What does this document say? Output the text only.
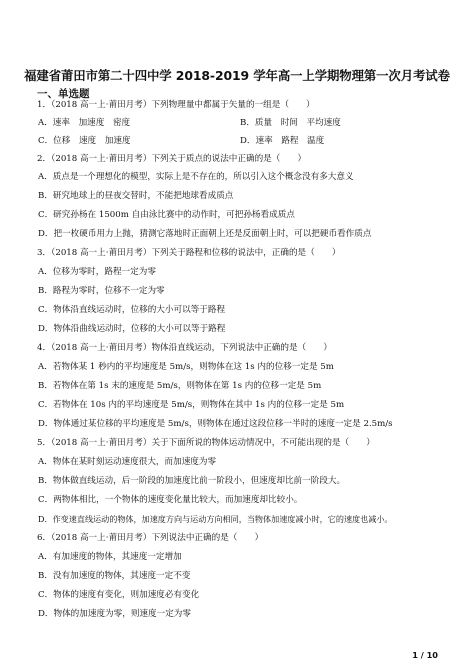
福建省莆田市第二十四中学 2018-2019 学年高一上学期物理第一次月考试卷
一、单选题
1．（2018 高一上·莆田月考）下列物理量中都属于矢量的一组是（　　）
A．速率　加速度　密度	B．质量　时间　平均速度
C．位移　速度　加速度	D．速率　路程　温度
2．（2018 高一上·莆田月考）下列关于质点的说法中正确的是（　　）
A．质点是一个理想化的模型，实际上是不存在的，所以引入这个概念没有多大意义
B．研究地球上的昼夜交替时，不能把地球看成质点
C．研究孙杨在 1500m 自由泳比赛中的动作时，可把孙杨看成质点
D．把一枚硬币用力上抛，猜测它落地时正面朝上还是反面朝上时，可以把硬币看作质点
3．（2018 高一上·莆田月考）下列关于路程和位移的说法中，正确的是（　　）
A．位移为零时，路程一定为零
B．路程为零时，位移不一定为零
C．物体沿直线运动时，位移的大小可以等于路程
D．物体沿曲线运动时，位移的大小可以等于路程
4．（2018 高一上·莆田月考）物体沿直线运动，下列说法中正确的是（　　）
A．若物体某 1 秒内的平均速度是 5m/s，则物体在这 1s 内的位移一定是 5m
B．若物体在第 1s 末的速度是 5m/s，则物体在第 1s 内的位移一定是 5m
C．若物体在 10s 内的平均速度是 5m/s，则物体在其中 1s 内的位移一定是 5m
D．物体通过某位移的平均速度是 5m/s，则物体在通过这段位移一半时的速度一定是 2.5m/s
5．（2018 高一上·莆田月考）关于下面所说的物体运动情况中，不可能出现的是（　　）
A．物体在某时刻运动速度很大，而加速度为零
B．物体做直线运动，后一阶段的加速度比前一阶段小，但速度却比前一阶段大。
C．两物体相比，一个物体的速度变化量比较大，而加速度却比较小。
D．作变速直线运动的物体，加速度方向与运动方向相同，当物体加速度减小时，它的速度也减小。
6．（2018 高一上·莆田月考）下列说法中正确的是（　　）
A．有加速度的物体，其速度一定增加
B．没有加速度的物体，其速度一定不变
C．物体的速度有变化，则加速度必有变化
D．物体的加速度为零，则速度一定为零
1 / 10
